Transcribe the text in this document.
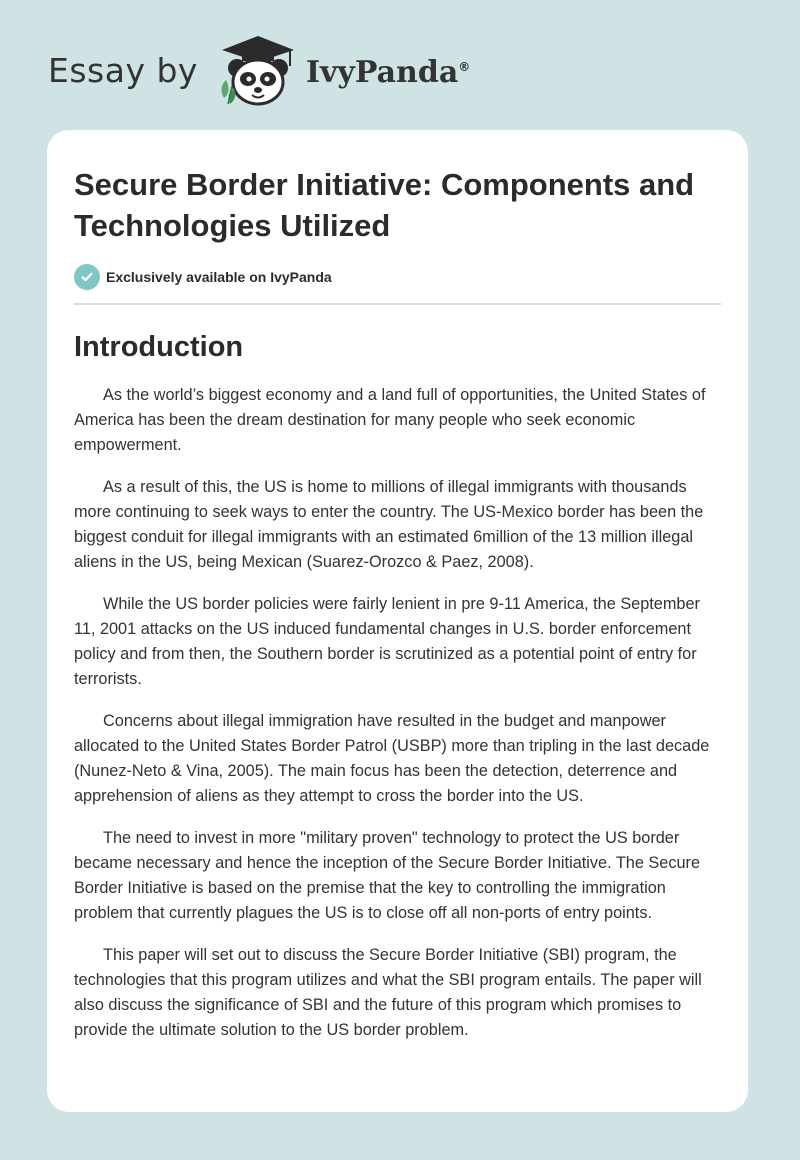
Essay by	IvyPanda®
Secure Border Initiative: Components and Technologies Utilized
Exclusively available on IvyPanda
Introduction

As the world’s biggest economy and a land full of opportunities, the United States of America has been the dream destination for many people who seek economic empowerment.

As a result of this, the US is home to millions of illegal immigrants with thousands more continuing to seek ways to enter the country. The US-Mexico border has been the biggest conduit for illegal immigrants with an estimated 6million of the 13 million illegal aliens in the US, being Mexican (Suarez-Orozco & Paez, 2008).

While the US border policies were fairly lenient in pre 9-11 America, the September 11, 2001 attacks on the US induced fundamental changes in U.S. border enforcement policy and from then, the Southern border is scrutinized as a potential point of entry for terrorists.

Concerns about illegal immigration have resulted in the budget and manpower allocated to the United States Border Patrol (USBP) more than tripling in the last decade (Nunez-Neto & Vina, 2005). The main focus has been the detection, deterrence and apprehension of aliens as they attempt to cross the border into the US.

The need to invest in more "military proven" technology to protect the US border became necessary and hence the inception of the Secure Border Initiative. The Secure Border Initiative is based on the premise that the key to controlling the immigration problem that currently plagues the US is to close off all non-ports of entry points.

This paper will set out to discuss the Secure Border Initiative (SBI) program, the technologies that this program utilizes and what the SBI program entails. The paper will also discuss the significance of SBI and the future of this program which promises to provide the ultimate solution to the US border problem.
